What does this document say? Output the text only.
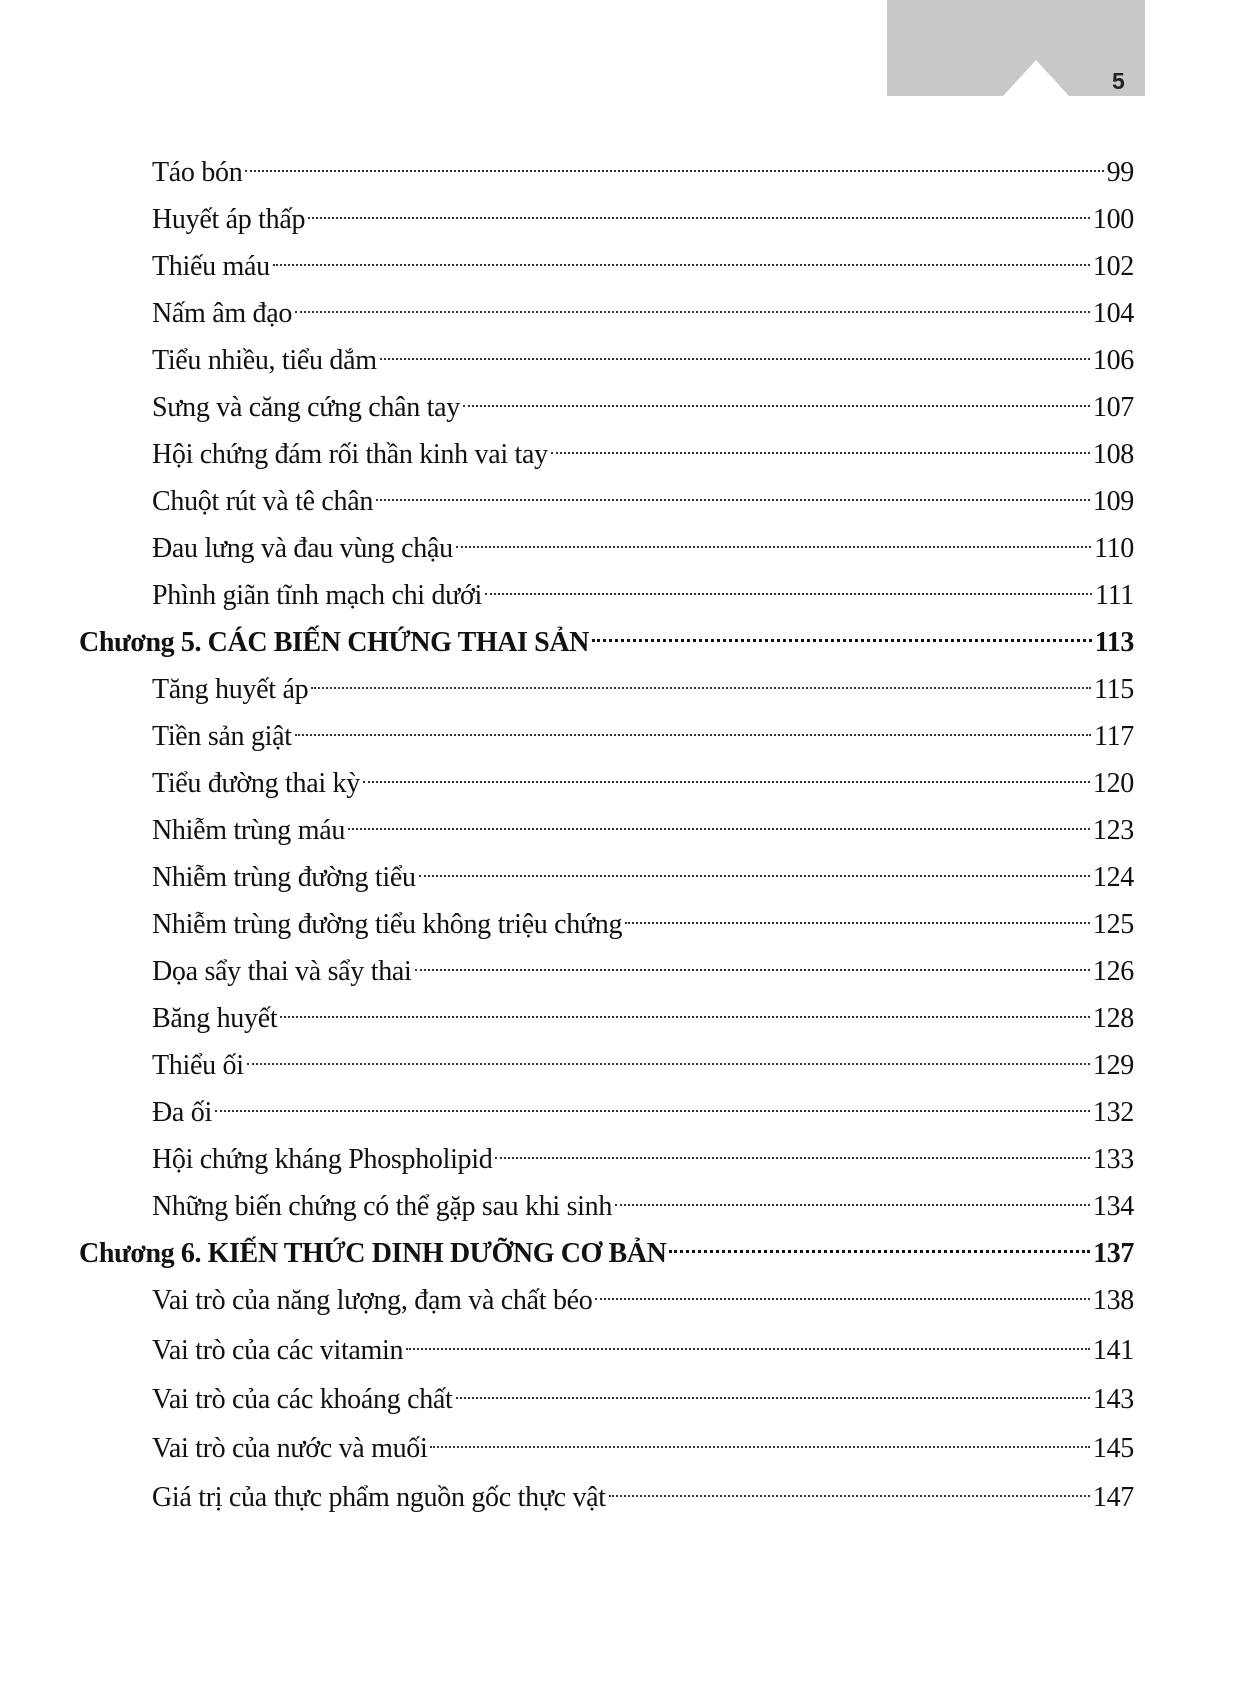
5
Táo bón	99
Huyết áp thấp	100
Thiếu máu	102
Nấm âm đạo	104
Tiểu nhiều, tiểu dắm	106
Sưng và căng cứng chân tay	107
Hội chứng đám rối thần kinh vai tay	108
Chuột rút và tê chân	109
Đau lưng và đau vùng chậu	110
Phình giãn tĩnh mạch chi dưới	111
Chương 5. CÁC BIẾN CHỨNG THAI SẢN	113
Tăng huyết áp	115
Tiền sản giật	117
Tiểu đường thai kỳ	120
Nhiễm trùng máu	123
Nhiễm trùng đường tiểu	124
Nhiễm trùng đường tiểu không triệu chứng	125
Dọa sẩy thai và sẩy thai	126
Băng huyết	128
Thiểu ối	129
Đa ối	132
Hội chứng kháng Phospholipid	133
Những biến chứng có thể gặp sau khi sinh	134
Chương 6. KIẾN THỨC DINH DƯỠNG CƠ BẢN	137
Vai trò của năng lượng, đạm và chất béo	138
Vai trò của các vitamin	141
Vai trò của các khoáng chất	143
Vai trò của nước và muối	145
Giá trị của thực phẩm nguồn gốc thực vật	147
